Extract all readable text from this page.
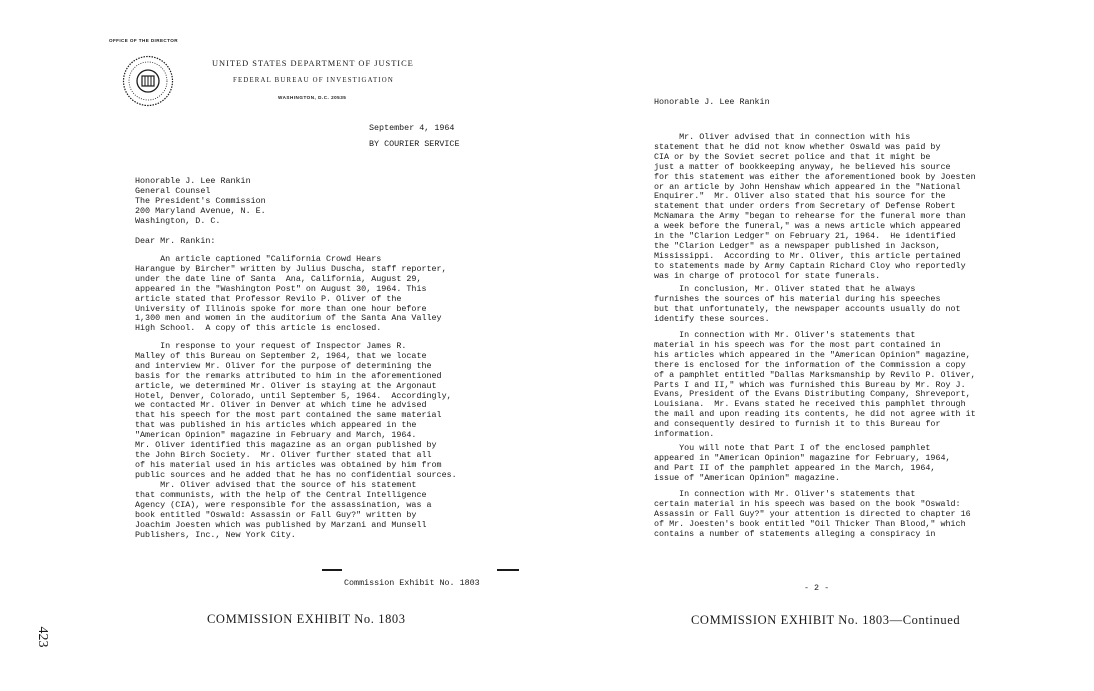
OFFICE OF THE DIRECTOR
UNITED STATES DEPARTMENT OF JUSTICE
FEDERAL BUREAU OF INVESTIGATION
WASHINGTON, D.C. 20535
September 4, 1964
BY COURIER SERVICE
Honorable J. Lee Rankin
General Counsel
The President's Commission
200 Maryland Avenue, N. E.
Washington, D. C.
Dear Mr. Rankin:
An article captioned "California Crowd Hears
Harangue by Bircher" written by Julius Duscha, staff reporter,
under the date line of Santa  Ana, California, August 29,
appeared in the "Washington Post" on August 30, 1964. This
article stated that Professor Revilo P. Oliver of the
University of Illinois spoke for more than one hour before
1,300 men and women in the auditorium of the Santa Ana Valley
High School.  A copy of this article is enclosed.
In response to your request of Inspector James R.
Malley of this Bureau on September 2, 1964, that we locate
and interview Mr. Oliver for the purpose of determining the
basis for the remarks attributed to him in the aforementioned
article, we determined Mr. Oliver is staying at the Argonaut
Hotel, Denver, Colorado, until September 5, 1964.  Accordingly,
we contacted Mr. Oliver in Denver at which time he advised
that his speech for the most part contained the same material
that was published in his articles which appeared in the
"American Opinion" magazine in February and March, 1964.
Mr. Oliver identified this magazine as an organ published by
the John Birch Society.  Mr. Oliver further stated that all
of his material used in his articles was obtained by him from
public sources and he added that he has no confidential sources.
Mr. Oliver advised that the source of his statement
that communists, with the help of the Central Intelligence
Agency (CIA), were responsible for the assassination, was a
book entitled "Oswald: Assassin or Fall Guy?" written by
Joachim Joesten which was published by Marzani and Munsell
Publishers, Inc., New York City.
Commission Exhibit No. 1803
COMMISSION EXHIBIT No. 1803
423
Honorable J. Lee Rankin
Mr. Oliver advised that in connection with his
statement that he did not know whether Oswald was paid by
CIA or by the Soviet secret police and that it might be
just a matter of bookkeeping anyway, he believed his source
for this statement was either the aforementioned book by Joesten
or an article by John Henshaw which appeared in the "National
Enquirer."  Mr. Oliver also stated that his source for the
statement that under orders from Secretary of Defense Robert
McNamara the Army "began to rehearse for the funeral more than
a week before the funeral," was a news article which appeared
in the "Clarion Ledger" on February 21, 1964.  He identified
the "Clarion Ledger" as a newspaper published in Jackson,
Mississippi.  According to Mr. Oliver, this article pertained
to statements made by Army Captain Richard Cloy who reportedly
was in charge of protocol for state funerals.
In conclusion, Mr. Oliver stated that he always
furnishes the sources of his material during his speeches
but that unfortunately, the newspaper accounts usually do not
identify these sources.
In connection with Mr. Oliver's statements that
material in his speech was for the most part contained in
his articles which appeared in the "American Opinion" magazine,
there is enclosed for the information of the Commission a copy
of a pamphlet entitled "Dallas Marksmanship by Revilo P. Oliver,
Parts I and II," which was furnished this Bureau by Mr. Roy J.
Evans, President of the Evans Distributing Company, Shreveport,
Louisiana.  Mr. Evans stated he received this pamphlet through
the mail and upon reading its contents, he did not agree with it
and consequently desired to furnish it to this Bureau for
information.
You will note that Part I of the enclosed pamphlet
appeared in "American Opinion" magazine for February, 1964,
and Part II of the pamphlet appeared in the March, 1964,
issue of "American Opinion" magazine.
In connection with Mr. Oliver's statements that
certain material in his speech was based on the book "Oswald:
Assassin or Fall Guy?" your attention is directed to chapter 16
of Mr. Joesten's book entitled "Oil Thicker Than Blood," which
contains a number of statements alleging a conspiracy in
- 2 -
COMMISSION EXHIBIT No. 1803—Continued
